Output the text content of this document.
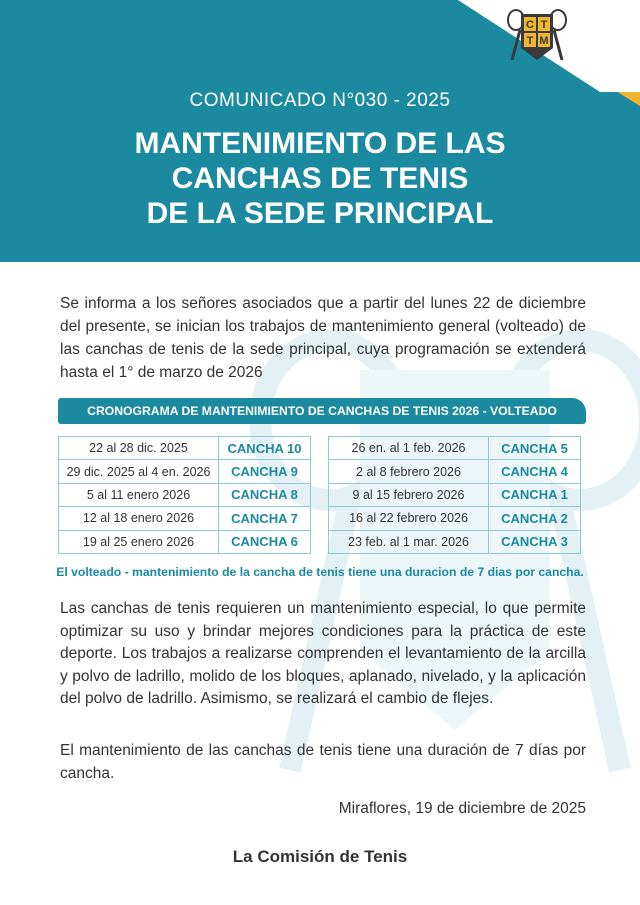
C T
T M
COMUNICADO N°030 - 2025
MANTENIMIENTO DE LAS
CANCHAS DE TENIS
DE LA SEDE PRINCIPAL

Se informa a los señores asociados que a partir del lunes 22 de diciembre del presente, se inician los trabajos de mantenimiento general (volteado) de las canchas de tenis de la sede principal, cuya programación se extenderá hasta el 1° de marzo de 2026

CRONOGRAMA DE MANTENIMIENTO DE CANCHAS DE TENIS 2026 - VOLTEADO GENERAL
22 al 28 dic. 2025	CANCHA 10
29 dic. 2025 al 4 en. 2026	CANCHA 9
5 al 11 enero 2026	CANCHA 8
12 al 18 enero 2026	CANCHA 7
19 al 25 enero 2026	CANCHA 6
26 en. al 1 feb. 2026	CANCHA 5
2 al 8 febrero 2026	CANCHA 4
9 al 15 febrero 2026	CANCHA 1
16 al 22 febrero 2026	CANCHA 2
23 feb. al 1 mar. 2026	CANCHA 3
El volteado - mantenimiento de la cancha de tenis tiene una duracion de 7 dias por cancha.

Las canchas de tenis requieren un mantenimiento especial, lo que permite optimizar su uso y brindar mejores condiciones para la práctica de este deporte. Los trabajos a realizarse comprenden el levantamiento de la arcilla y polvo de ladrillo, molido de los bloques, aplanado, nivelado, y la aplicación del polvo de ladrillo. Asimismo, se realizará el cambio de flejes.

El mantenimiento de las canchas de tenis tiene una duración de 7 días por cancha.

Miraflores, 19 de diciembre de 2025
La Comisión de Tenis
